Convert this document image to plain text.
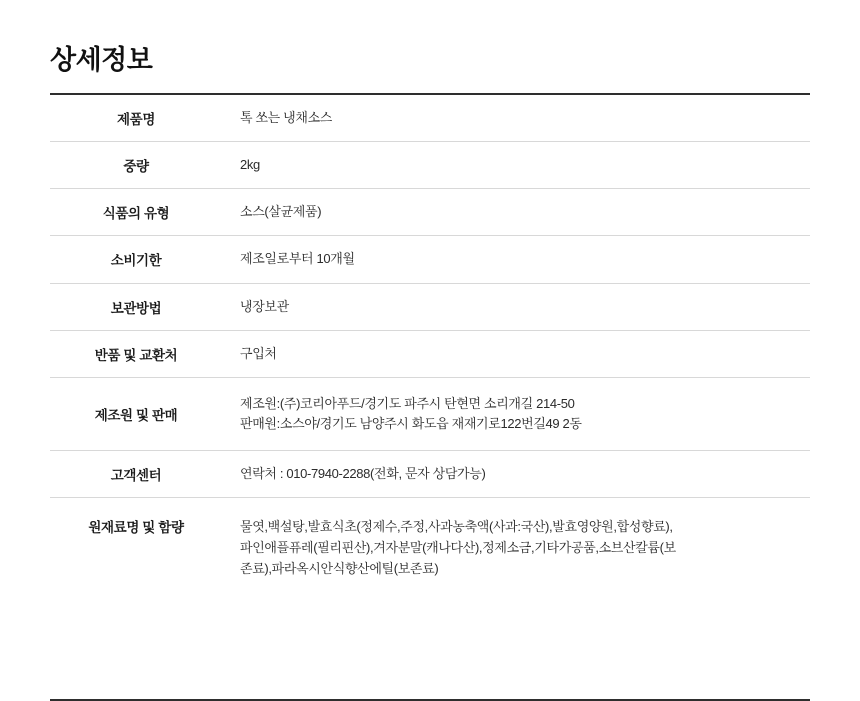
상세정보
제품명	톡 쏘는 냉채소스

중량	2kg

식품의 유형	소스(살균제품)

소비기한	제조일로부터 10개월

보관방법	냉장보관

반품 및 교환처	구입처

제조원 및 판매	제조원:(주)코리아푸드/경기도 파주시 탄현면 소리개길 214-50
판매원:소스야/경기도 남양주시 화도읍 재재기로122번길49 2동

고객센터	연락처 : 010-7940-2288(전화, 문자 상담가능)

원재료명 및 함량	물엿,백설탕,발효식초(정제수,주정,사과농축액(사과:국산),발효영양원,합성향료),
파인애플퓨레(필리핀산),겨자분말(캐나다산),정제소금,기타가공품,소브산칼륨(보
존료),파라옥시안식향산에틸(보존료)
